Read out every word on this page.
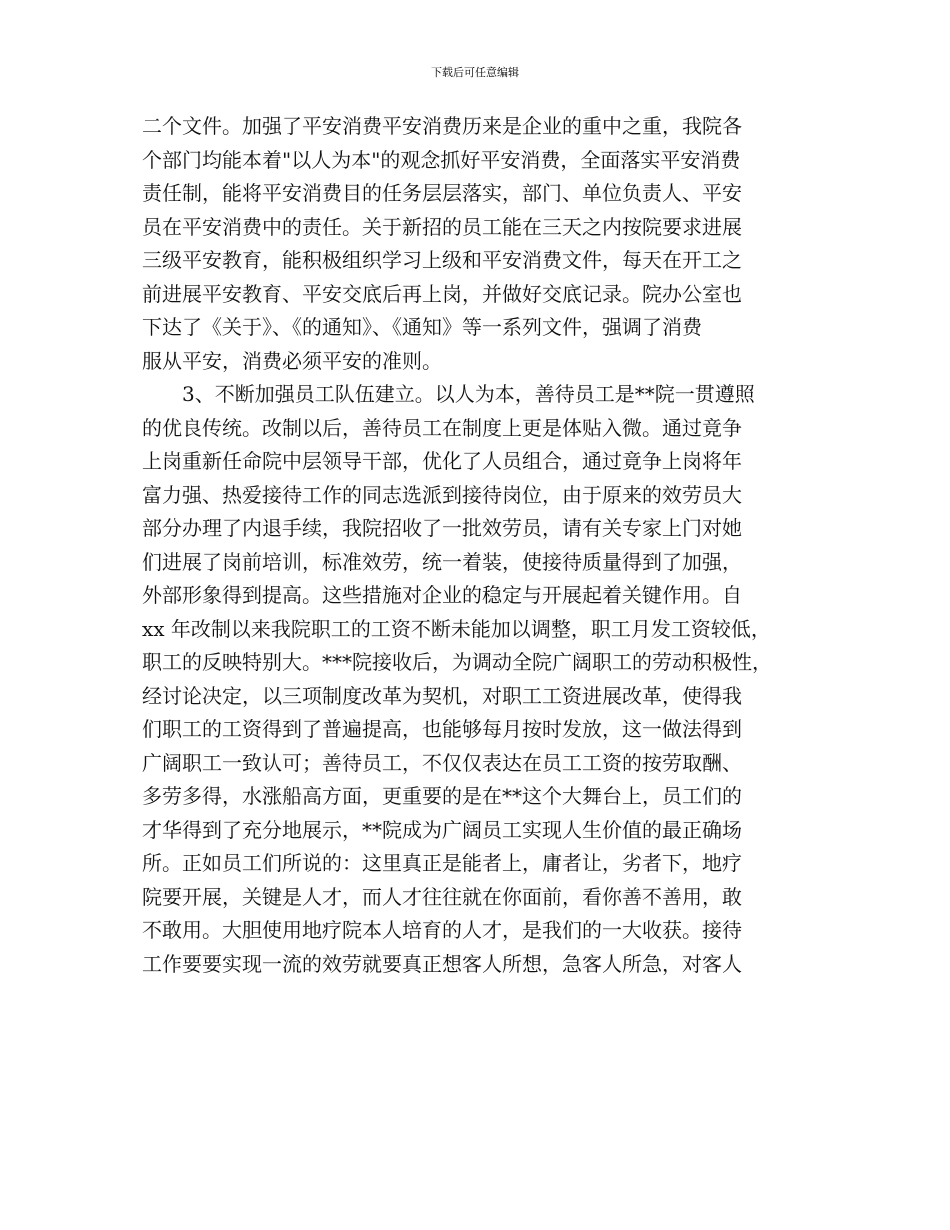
下载后可任意编辑
二个文件。加强了平安消费平安消费历来是企业的重中之重，我院各
个部门均能本着"以人为本"的观念抓好平安消费，全面落实平安消费
责任制，能将平安消费目的任务层层落实，部门、单位负责人、平安
员在平安消费中的责任。关于新招的员工能在三天之内按院要求进展
三级平安教育，能积极组织学习上级和平安消费文件，每天在开工之
前进展平安教育、平安交底后再上岗，并做好交底记录。院办公室也
下达了《关于》、《的通知》、《通知》等一系列文件，强调了消费
服从平安，消费必须平安的准则。
3、不断加强员工队伍建立。以人为本，善待员工是**院一贯遵照
的优良传统。改制以后，善待员工在制度上更是体贴入微。通过竟争
上岗重新任命院中层领导干部，优化了人员组合，通过竟争上岗将年
富力强、热爱接待工作的同志选派到接待岗位，由于原来的效劳员大
部分办理了内退手续，我院招收了一批效劳员，请有关专家上门对她
们进展了岗前培训，标准效劳，统一着装，使接待质量得到了加强，
外部形象得到提高。这些措施对企业的稳定与开展起着关键作用。自
xx 年改制以来我院职工的工资不断未能加以调整，职工月发工资较低，
职工的反映特别大。***院接收后，为调动全院广阔职工的劳动积极性，
经讨论决定，以三项制度改革为契机，对职工工资进展改革，使得我
们职工的工资得到了普遍提高，也能够每月按时发放，这一做法得到
广阔职工一致认可；善待员工，不仅仅表达在员工工资的按劳取酬、
多劳多得，水涨船高方面，更重要的是在**这个大舞台上，员工们的
才华得到了充分地展示，**院成为广阔员工实现人生价值的最正确场
所。正如员工们所说的：这里真正是能者上，庸者让，劣者下，地疗
院要开展，关键是人才，而人才往往就在你面前，看你善不善用，敢
不敢用。大胆使用地疗院本人培育的人才，是我们的一大收获。接待
工作要要实现一流的效劳就要真正想客人所想，急客人所急，对客人
